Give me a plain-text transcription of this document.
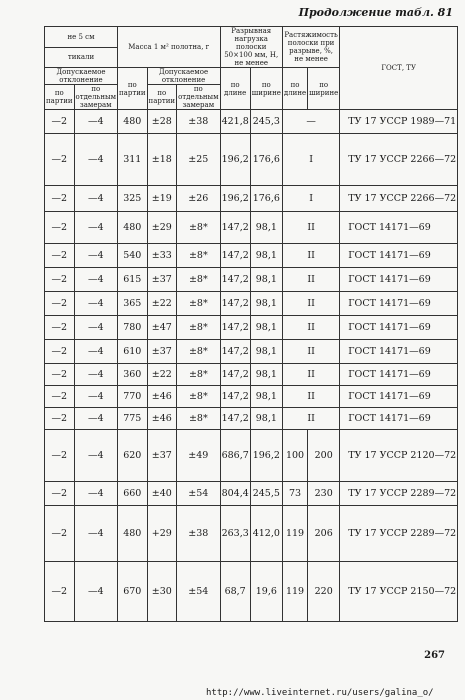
Продолжение табл. 81
не 5 см		Масса 1 м² полотна, г			Разрывная нагрузка полоски 50×100 мм, Н, не менее		Растяжимость полоски при разрыве, %, не менее		ГОСТ, ТУ
тикали									
Допускаемое отклонение		по партии	Допускаемое отклонение		по длине	по ширине	по длине	по ширине	
по партии	по отдельным замерам		по партии	по отдельным замерам					
—2	—4	480	±28	±38	421,8	245,3	—		ТУ 17 УССР 1989—71
—2	—4	311	±18	±25	196,2	176,6	I		ТУ 17 УССР 2266—72
—2	—4	325	±19	±26	196,2	176,6	I		ТУ 17 УССР 2266—72
—2	—4	480	±29	±8*	147,2	98,1	II		ГОСТ 14171—69
—2	—4	540	±33	±8*	147,2	98,1	II		ГОСТ 14171—69
—2	—4	615	±37	±8*	147,2	98,1	II		ГОСТ 14171—69
—2	—4	365	±22	±8*	147,2	98,1	II		ГОСТ 14171—69
—2	—4	780	±47	±8*	147,2	98,1	II		ГОСТ 14171—69
—2	—4	610	±37	±8*	147,2	98,1	II		ГОСТ 14171—69
—2	—4	360	±22	±8*	147,2	98,1	II		ГОСТ 14171—69
—2	—4	770	±46	±8*	147,2	98,1	II		ГОСТ 14171—69
—2	—4	775	±46	±8*	147,2	98,1	II		ГОСТ 14171—69
—2	—4	620	±37	±49	686,7	196,2	100	200	ТУ 17 УССР 2120—72
—2	—4	660	±40	±54	804,4	245,5	73	230	ТУ 17 УССР 2289—72
—2	—4	480	+29	±38	263,3	412,0	119	206	ТУ 17 УССР 2289—72
—2	—4	670	±30	±54	68,7	19,6	119	220	ТУ 17 УССР 2150—72
267
http://www.liveinternet.ru/users/galina_o/
